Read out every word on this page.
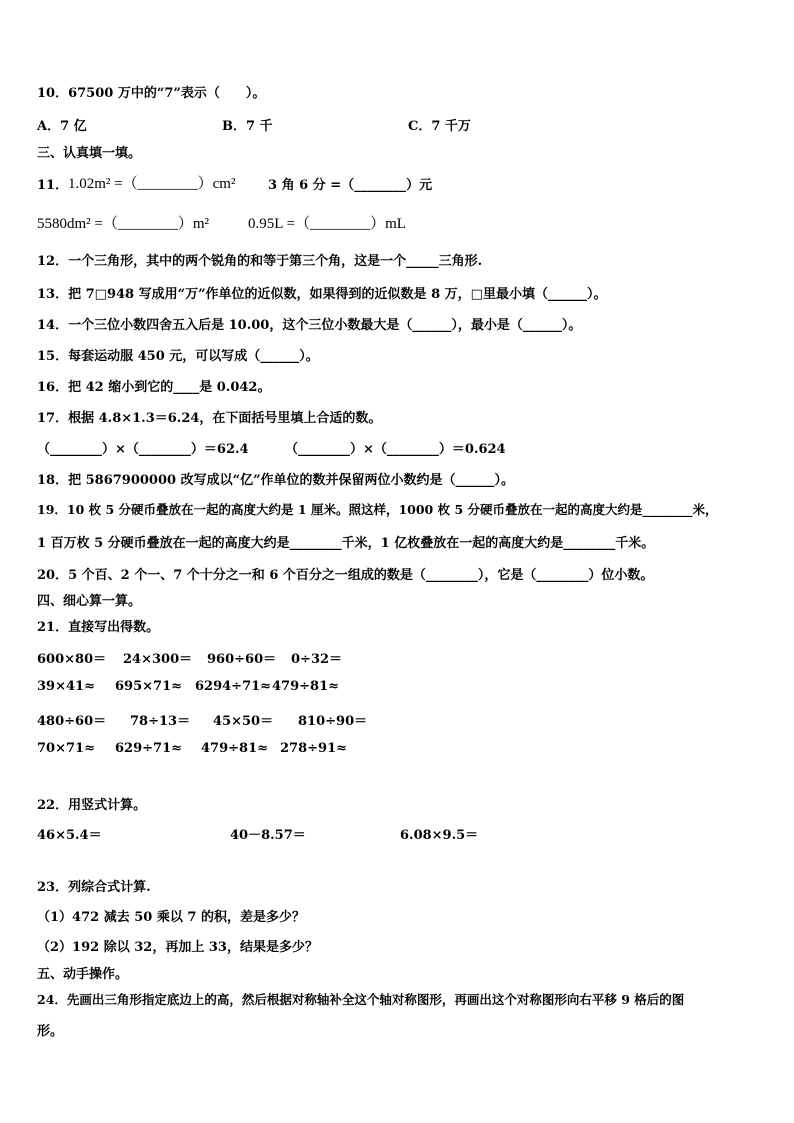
10．67500 万中的“7”表示（　　）。
A．7 亿	B．7 千	C．7 千万
三、认真填一填。
11． 1.02m² =（________）cm²	3 角 6 分 =（________）元
5580dm² =（________）m²	0.95L =（________）mL
12．一个三角形，其中的两个锐角的和等于第三个角，这是一个_____三角形.
13．把 7□948 写成用“万”作单位的近似数，如果得到的近似数是 8 万，□里最小填（______）。
14．一个三位小数四舍五入后是 10.00，这个三位小数最大是（______），最小是（______）。
15．每套运动服 450 元，可以写成（______）。
16．把 42 缩小到它的____是 0.042。
17．根据 4.8×1.3＝6.24，在下面括号里填上合适的数。
（________）×（________）＝62.4	（________）×（________）＝0.624
18．把 5867900000 改写成以“亿”作单位的数并保留两位小数约是（______）。
19．10 枚 5 分硬币叠放在一起的高度大约是 1 厘米。照这样，1000 枚 5 分硬币叠放在一起的高度大约是________米，
1 百万枚 5 分硬币叠放在一起的高度大约是________千米，1 亿枚叠放在一起的高度大约是________千米。
20．5 个百、2 个一、7 个十分之一和 6 个百分之一组成的数是（________），它是（________）位小数。
四、细心算一算。
21．直接写出得数。
600×80＝ 24×300＝ 960÷60＝ 0÷32＝
39×41≈ 695×71≈ 6294÷71≈ 479÷81≈
480÷60＝ 78÷13＝ 45×50＝ 810÷90＝
70×71≈ 629÷71≈ 479÷81≈ 278÷91≈
22．用竖式计算。
46×5.4＝	40－8.57＝	6.08×9.5＝
23．列综合式计算.
（1）472 减去 50 乘以 7 的积，差是多少？
（2）192 除以 32，再加上 33，结果是多少？
五、动手操作。
24．先画出三角形指定底边上的高，然后根据对称轴补全这个轴对称图形，再画出这个对称图形向右平移 9 格后的图
形。
